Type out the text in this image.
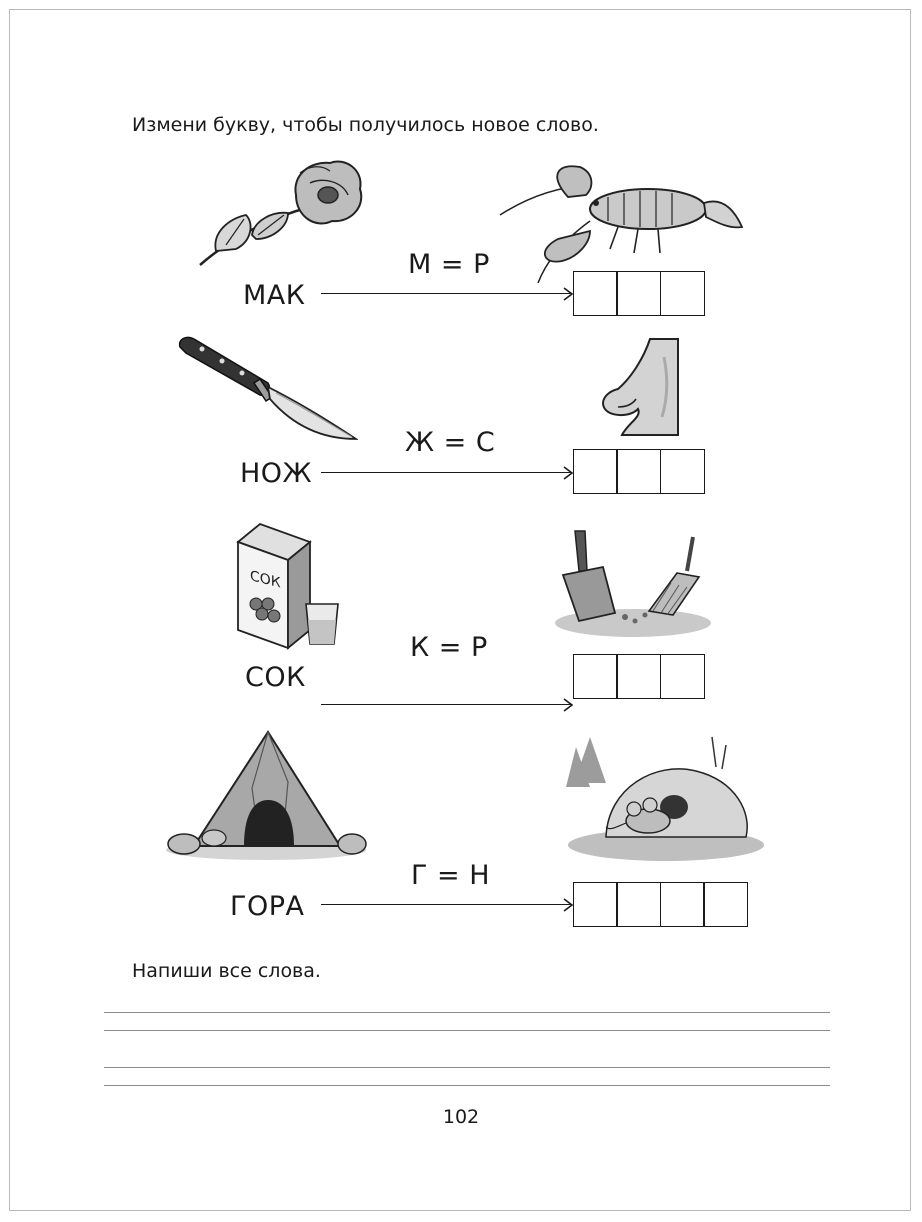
Измени букву, чтобы получилось новое слово.
М = Р
МАК
Ж = С
НОЖ
СОК
К = Р
СОК
Г = Н
ГОРА
Напиши все слова.
102
